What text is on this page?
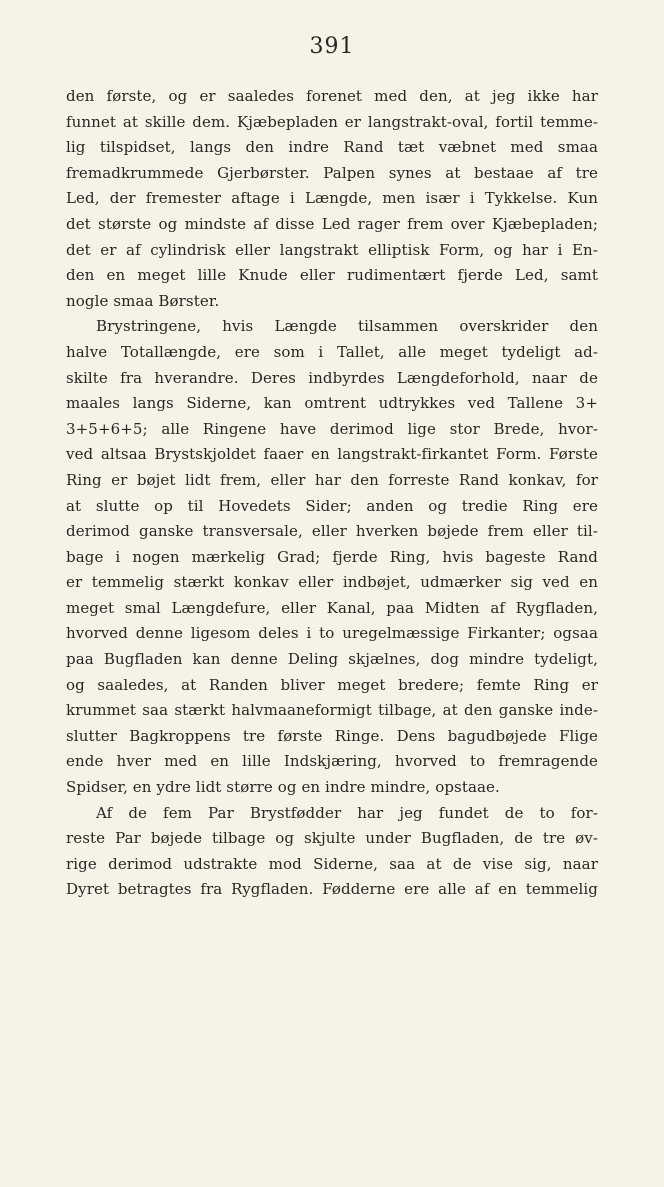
391
den første, og er saaledes forenet med den, at jeg ikke har
funnet at skille dem. Kjæbepladen er langstrakt-oval, fortil temme-
lig tilspidset, langs den indre Rand tæt væbnet med smaa
fremadkrummede Gjerbørster. Palpen synes at bestaae af tre
Led, der fremester aftage i Længde, men især i Tykkelse. Kun
det største og mindste af disse Led rager frem over Kjæbepladen;
det er af cylindrisk eller langstrakt elliptisk Form, og har i En-
den en meget lille Knude eller rudimentært fjerde Led, samt
nogle smaa Børster.
Brystringene, hvis Længde tilsammen overskrider den
halve Totallængde, ere som i Tallet, alle meget tydeligt ad-
skilte fra hverandre. Deres indbyrdes Længdeforhold, naar de
maales langs Siderne, kan omtrent udtrykkes ved Tallene 3+
3+5+6+5; alle Ringene have derimod lige stor Brede, hvor-
ved altsaa Brystskjoldet faaer en langstrakt-firkantet Form. Første
Ring er bøjet lidt frem, eller har den forreste Rand konkav, for
at slutte op til Hovedets Sider; anden og tredie Ring ere
derimod ganske transversale, eller hverken bøjede frem eller til-
bage i nogen mærkelig Grad; fjerde Ring, hvis bageste Rand
er temmelig stærkt konkav eller indbøjet, udmærker sig ved en
meget smal Længdefure, eller Kanal, paa Midten af Rygfladen,
hvorved denne ligesom deles i to uregelmæssige Firkanter; ogsaa
paa Bugfladen kan denne Deling skjælnes, dog mindre tydeligt,
og saaledes, at Randen bliver meget bredere; femte Ring er
krummet saa stærkt halvmaaneformigt tilbage, at den ganske inde-
slutter Bagkroppens tre første Ringe. Dens bagudbøjede Flige
ende hver med en lille Indskjæring, hvorved to fremragende
Spidser, en ydre lidt større og en indre mindre, opstaae.
Af de fem Par Brystfødder har jeg fundet de to for-
reste Par bøjede tilbage og skjulte under Bugfladen, de tre øv-
rige derimod udstrakte mod Siderne, saa at de vise sig, naar
Dyret betragtes fra Rygfladen. Fødderne ere alle af en temmelig
